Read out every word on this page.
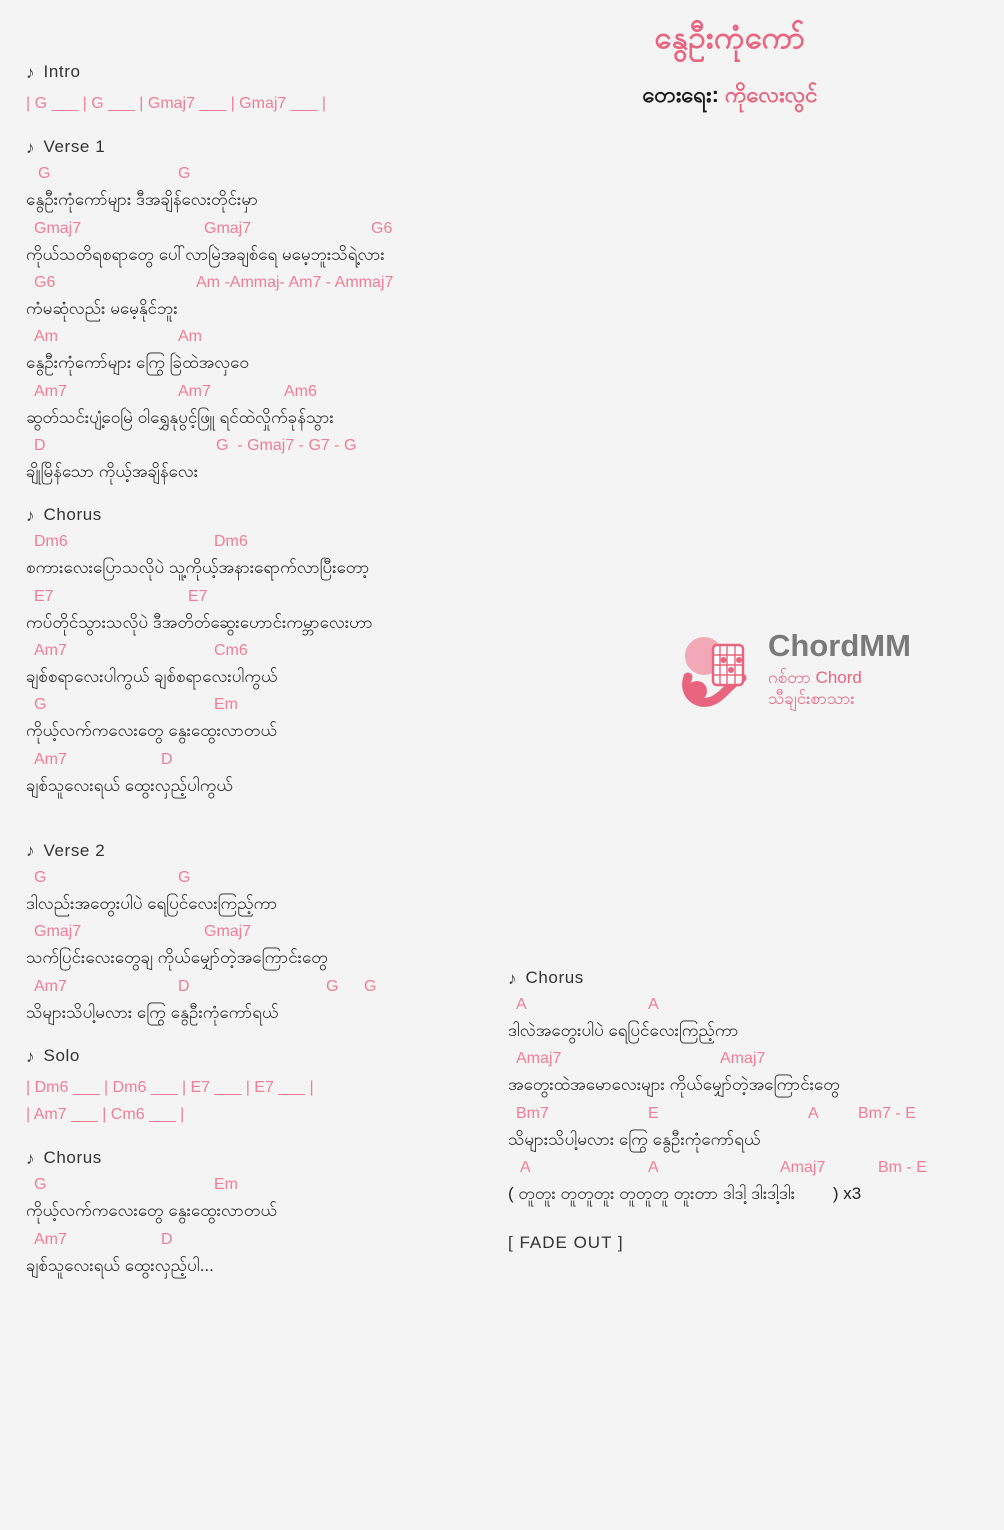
နွေဦးကုံကော်
တေးရေး: ကိုလေးလွင်
ChordMM
ဂစ်တာ Chord
သီချင်းစာသား
♪ Intro
| G ___ | G ___ | Gmaj7 ___ | Gmaj7 ___ |
♪ Verse 1
G	G
နွေဦးကုံကော်များ ဒီအချိန်လေးတိုင်းမှာ
Gmaj7	Gmaj7	G6
ကိုယ်သတိရစရာတွေ ပေါ်လာမြဲအချစ်ရေ မမေ့ဘူးသိရဲ့လား
G6	Am -Ammaj- Am7 - Ammaj7
ကံမဆုံလည်း မမေ့နိုင်ဘူး
Am	Am
နွေဦးကုံကော်များ ကြွေ ခြဲထဲအလှဝေ
Am7	Am7	Am6
ဆွတ်သင်းပျံ့ဝေမြဲ ဝါရွှေနုပွင့်ဖြူ ရင်ထဲလှိုက်ခုန်သွား
D	G  - Gmaj7 - G7 - G
ချိုမြိန်သော ကိုယ့်အချိန်လေး
♪ Chorus
Dm6	Dm6
စကားလေးပြောသလိုပဲ သူ့ကိုယ့်အနားရောက်လာပြီးတော့
E7	E7
ကပ်တိုင်သွားသလိုပဲ ဒီအတိတ်ဆွေးဟောင်းကမ္ဘာလေးဟာ
Am7	Cm6
ချစ်စရာလေးပါကွယ် ချစ်စရာလေးပါကွယ်
G	Em
ကိုယ့်လက်ကလေးတွေ နွေးထွေးလာတယ်
Am7	D
ချစ်သူလေးရယ် ထွေးလှည့်ပါကွယ်
♪ Verse 2
G	G
ဒါလည်းအတွေးပါပဲ ရေပြင်လေးကြည့်ကာ
Gmaj7	Gmaj7
သက်ပြင်းလေးတွေချ ကိုယ်မျှော်တဲ့အကြောင်းတွေ
Am7	D	G G
သိများသိပါ့မလား ကြွေ နွေဦးကုံကော်ရယ်
♪ Solo
| Dm6 ___ | Dm6 ___ | E7 ___ | E7 ___ |
| Am7 ___ | Cm6 ___ |
♪ Chorus
G	Em
ကိုယ့်လက်ကလေးတွေ နွေးထွေးလာတယ်
Am7	D
ချစ်သူလေးရယ် ထွေးလှည့်ပါ...
♪ Chorus
A	A
ဒါလဲအတွေးပါပဲ ရေပြင်လေးကြည့်ကာ
Amaj7	Amaj7
အတွေးထဲအမောလေးများ ကိုယ်မျှော်တဲ့အကြောင်းတွေ
Bm7	E	A Bm7 - E
သိများသိပါ့မလား ကြွေ နွေဦးကုံကော်ရယ်
A	A	Amaj7	Bm - E
( တူတူး တူတူတူး တူတူတူ တူးတာ ဒါဒါ့ ဒါးဒါ့ဒါး        ) x3
[ FADE OUT ]
